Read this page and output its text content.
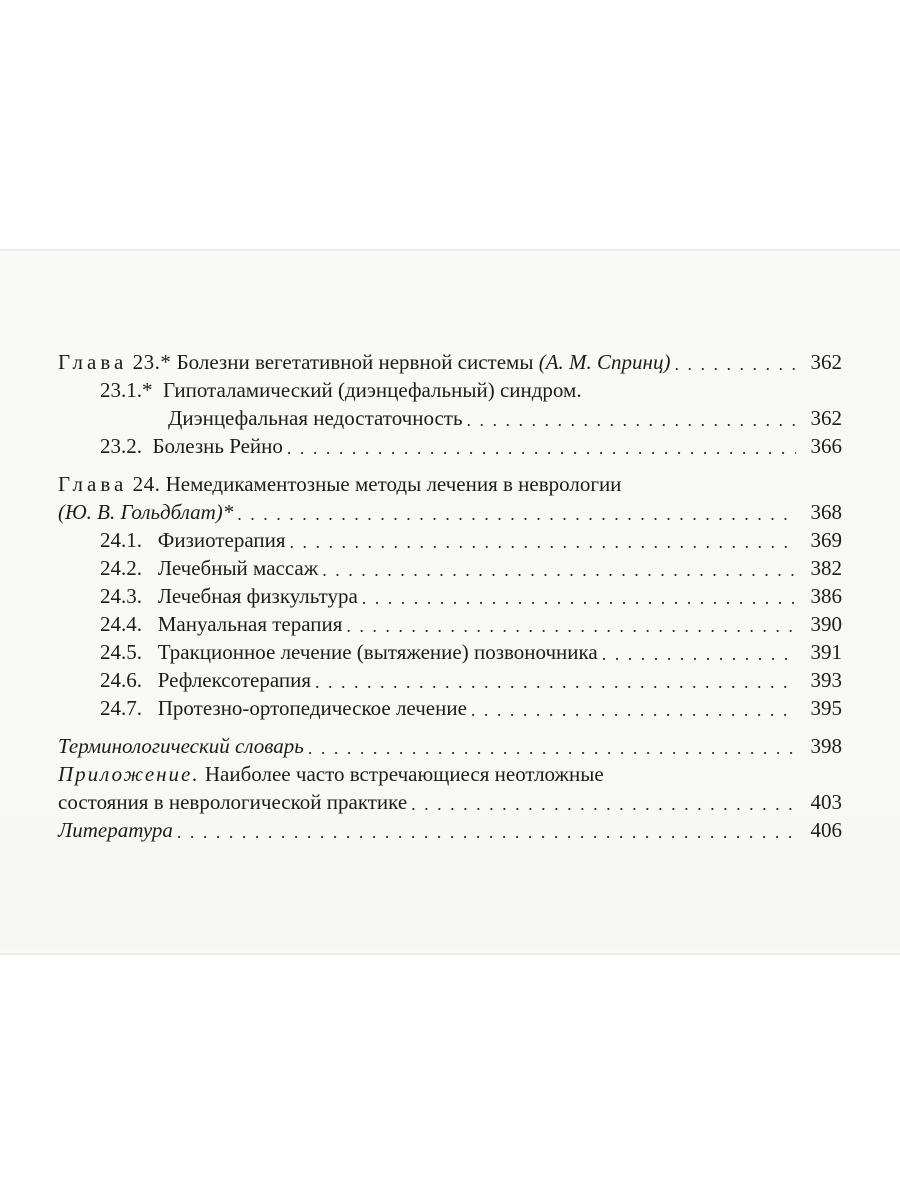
Глава 23.* Болезни вегетативной нервной системы (А. М. Спринц) . . .	362
23.1.* Гипоталамический (диэнцефальный) синдром.
Диэнцефальная недостаточность . . .	362
23.2. Болезнь Рейно . . .	366
Глава 24. Немедикаментозные методы лечения в неврологии
(Ю. В. Гольдблат)* . . .	368
24.1. Физиотерапия . . .	369
24.2. Лечебный массаж . . .	382
24.3. Лечебная физкультура . . .	386
24.4. Мануальная терапия . . .	390
24.5. Тракционное лечение (вытяжение) позвоночника . . .	391
24.6. Рефлексотерапия . . .	393
24.7. Протезно-ортопедическое лечение . . .	395
Терминологический словарь . . .	398
Приложение. Наиболее часто встречающиеся неотложные
состояния в неврологической практике . . .	403
Литература . . .	406
